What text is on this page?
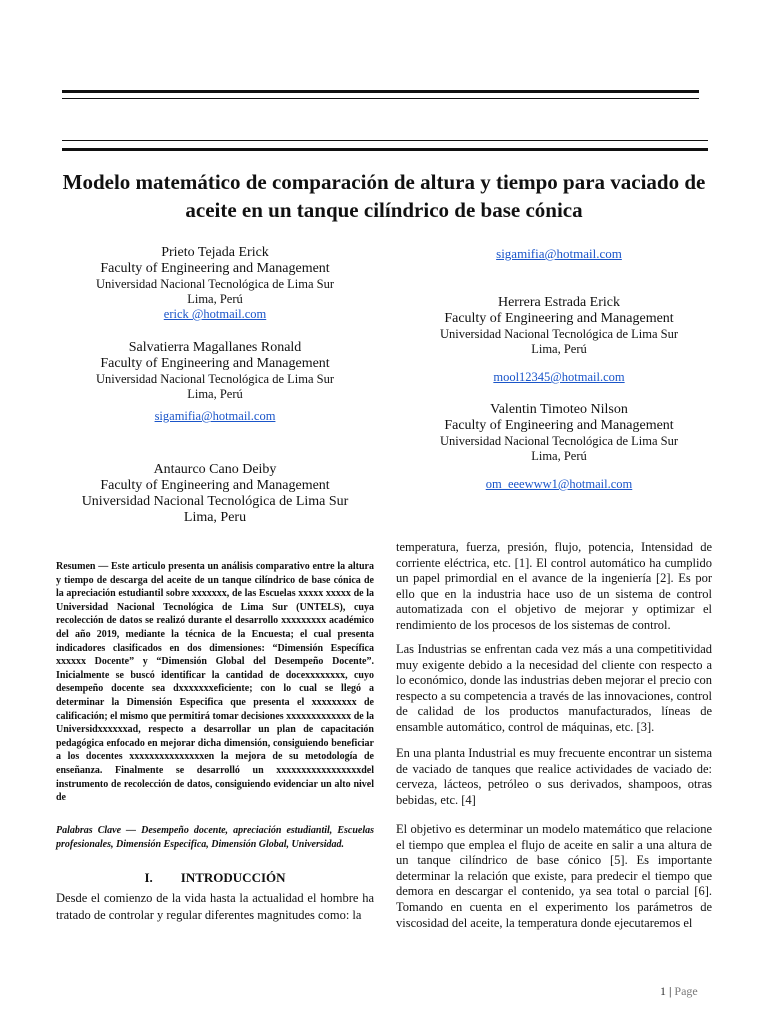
Modelo matemático de comparación de altura y tiempo para vaciado de aceite en un tanque cilíndrico de base cónica
Prieto Tejada Erick
Faculty of Engineering and Management
Universidad Nacional Tecnológica de Lima Sur
Lima, Perú
erick @hotmail.com
Salvatierra Magallanes Ronald
Faculty of Engineering and Management
Universidad Nacional Tecnológica de Lima Sur
Lima, Perú
sigamifia@hotmail.com
Antaurco Cano Deiby
Faculty of Engineering and Management
Universidad Nacional Tecnológica de Lima Sur
Lima, Peru
sigamifia@hotmail.com
Herrera Estrada Erick
Faculty of Engineering and Management
Universidad Nacional Tecnológica de Lima Sur
Lima, Perú
mool12345@hotmail.com
Valentin Timoteo Nilson
Faculty of Engineering and Management
Universidad Nacional Tecnológica de Lima Sur
Lima, Perú
om_eeewww1@hotmail.com
Resumen — Este articulo presenta un análisis comparativo entre la altura y tiempo de descarga del aceite de un tanque cilíndrico de base cónica de la apreciación estudiantil sobre xxxxxxx, de las Escuelas xxxxx xxxxx de la Universidad Nacional Tecnológica de Lima Sur (UNTELS), cuya recolección de datos se realizó durante el desarrollo xxxxxxxxx académico del año 2019, mediante la técnica de la Encuesta; el cual presenta indicadores clasificados en dos dimensiones: “Dimensión Específica xxxxxx Docente” y “Dimensión Global del Desempeño Docente”. Inicialmente se buscó identificar la cantidad de docexxxxxxxx, cuyo desempeño docente sea dxxxxxxxeficiente; con lo cual se llegó a determinar la Dimensión Especifica que presenta el xxxxxxxxx de calificación; el mismo que permitirá tomar decisiones xxxxxxxxxxxxx de la Universidxxxxxxad, respecto a desarrollar un plan de capacitación pedagógica enfocado en mejorar dicha dimensión, consiguiendo beneficiar a los docentes xxxxxxxxxxxxxxxen la mejora de su metodología de enseñanza. Finalmente se desarrolló un xxxxxxxxxxxxxxxxxdel instrumento de recolección de datos, consiguiendo evidenciar un alto nivel de
Palabras Clave — Desempeño docente, apreciación estudiantil, Escuelas profesionales, Dimensión Especifica, Dimensión Global, Universidad.
I. INTRODUCCIÓN
Desde el comienzo de la vida hasta la actualidad el hombre ha tratado de controlar y regular diferentes magnitudes como: la
temperatura, fuerza, presión, flujo, potencia, Intensidad de corriente eléctrica, etc. [1]. El control automático ha cumplido un papel primordial en el avance de la ingeniería [2]. Es por ello que en la industria hace uso de un sistema de control automatizada con el objetivo de mejorar y optimizar el rendimiento de los procesos de los sistemas de control.
Las Industrias se enfrentan cada vez más a una competitividad muy exigente debido a la necesidad del cliente con respecto a lo económico, donde las industrias deben mejorar el precio con respecto a su competencia a través de las innovaciones, control de calidad de los productos manufacturados, líneas de ensamble automático, control de máquinas, etc. [3].
En una planta Industrial es muy frecuente encontrar un sistema de vaciado de tanques que realice actividades de vaciado de: cerveza, lácteos, petróleo o sus derivados, shampoos, otras bebidas, etc. [4]
El objetivo es determinar un modelo matemático que relacione el tiempo que emplea el flujo de aceite en salir a una altura de un tanque cilíndrico de base cónico [5]. Es importante determinar la relación que existe, para predecir el tiempo que demora en descargar el contenido, ya sea total o parcial [6]. Tomando en cuenta en el experimento los parámetros de viscosidad del aceite, la temperatura donde ejecutaremos el
1 | Page
